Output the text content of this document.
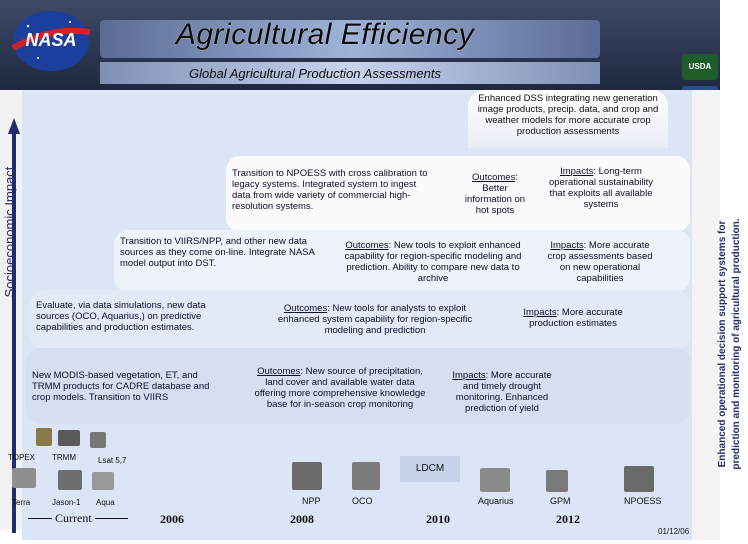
Agricultural Efficiency
Global Agricultural Production Assessments
NASA
USDA
Socioeconomic Impact
Enhanced DSS integrating new generation image products, precip. data, and crop and weather models for more accurate crop production assessments
Transition to NPOESS with cross calibration to legacy systems. Integrated system to ingest data from wide variety of commercial high-resolution systems.
Outcomes: Better information on hot spots
Impacts: Long-term operational sustainability that exploits all available systems
Transition to VIIRS/NPP, and other new data sources as they come on-line. Integrate NASA model output into DST.
Outcomes: New tools to exploit enhanced capability for region-specific modeling and prediction. Ability to compare new data to archive
Impacts: More accurate crop assessments based on new operational capabilities
Evaluate, via data simulations, new data sources (OCO, Aquarius,) on predictive capabilities and production estimates.
Outcomes: New tools for analysts to exploit enhanced system capability for region-specific modeling and prediction
Impacts: More accurate production estimates
New MODIS-based vegetation, ET, and TRMM products for CADRE database and crop models. Transition to VIIRS
Outcomes: New source of precipitation, land cover and available water data offering more comprehensive knowledge base for in-season crop monitoring
Impacts: More accurate and timely drought monitoring. Enhanced prediction of yield
TOPEX TRMM	Lsat 5,7
Terra	Jason-1 Aqua
Current
LDCM
NPP	OCO	Aquarius	GPM	NPOESS
2006	2008	2010	2012
Enhanced operational decision support systems for prediction and monitoring of agricultural production.
01/12/06
